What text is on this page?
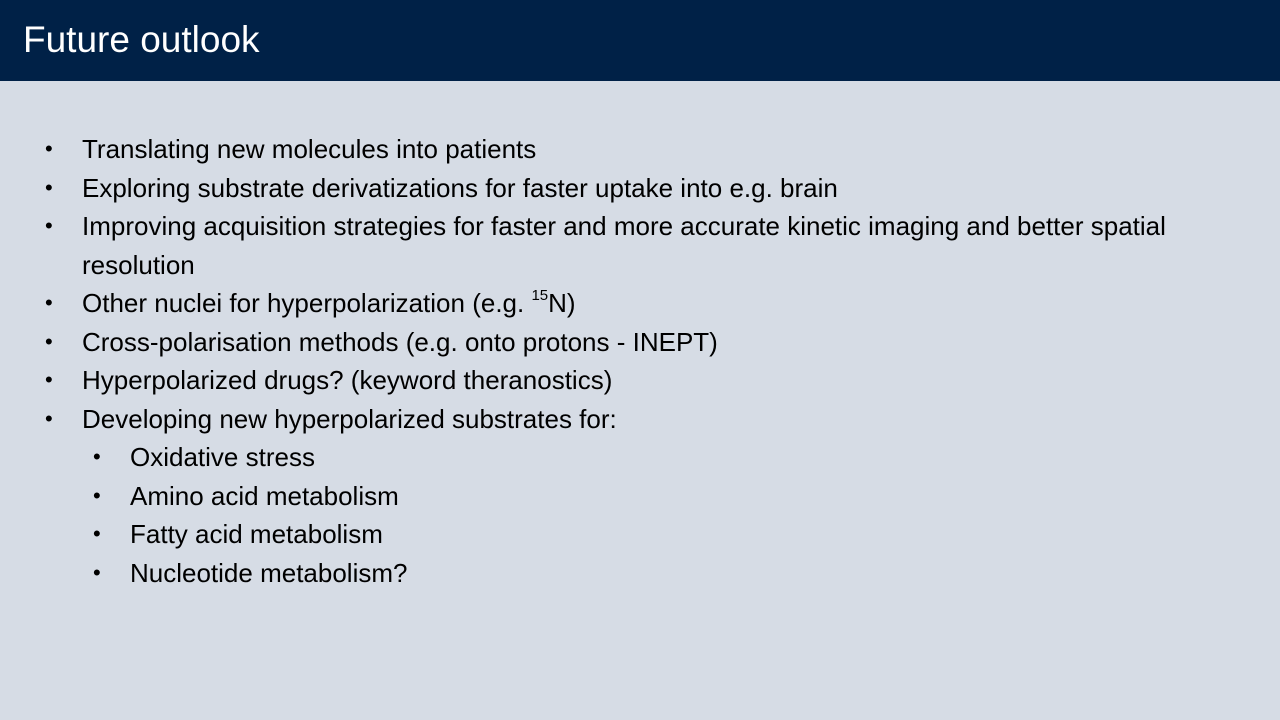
Future outlook
• Translating new molecules into patients
• Exploring substrate derivatizations for faster uptake into e.g. brain
• Improving acquisition strategies for faster and more accurate kinetic imaging and better spatial resolution
• Other nuclei for hyperpolarization (e.g. $^{15}$N)
• Cross-polarisation methods (e.g. onto protons - INEPT)
• Hyperpolarized drugs? (keyword theranostics)
• Developing new hyperpolarized substrates for:
• Oxidative stress
• Amino acid metabolism
• Fatty acid metabolism
• Nucleotide metabolism?
